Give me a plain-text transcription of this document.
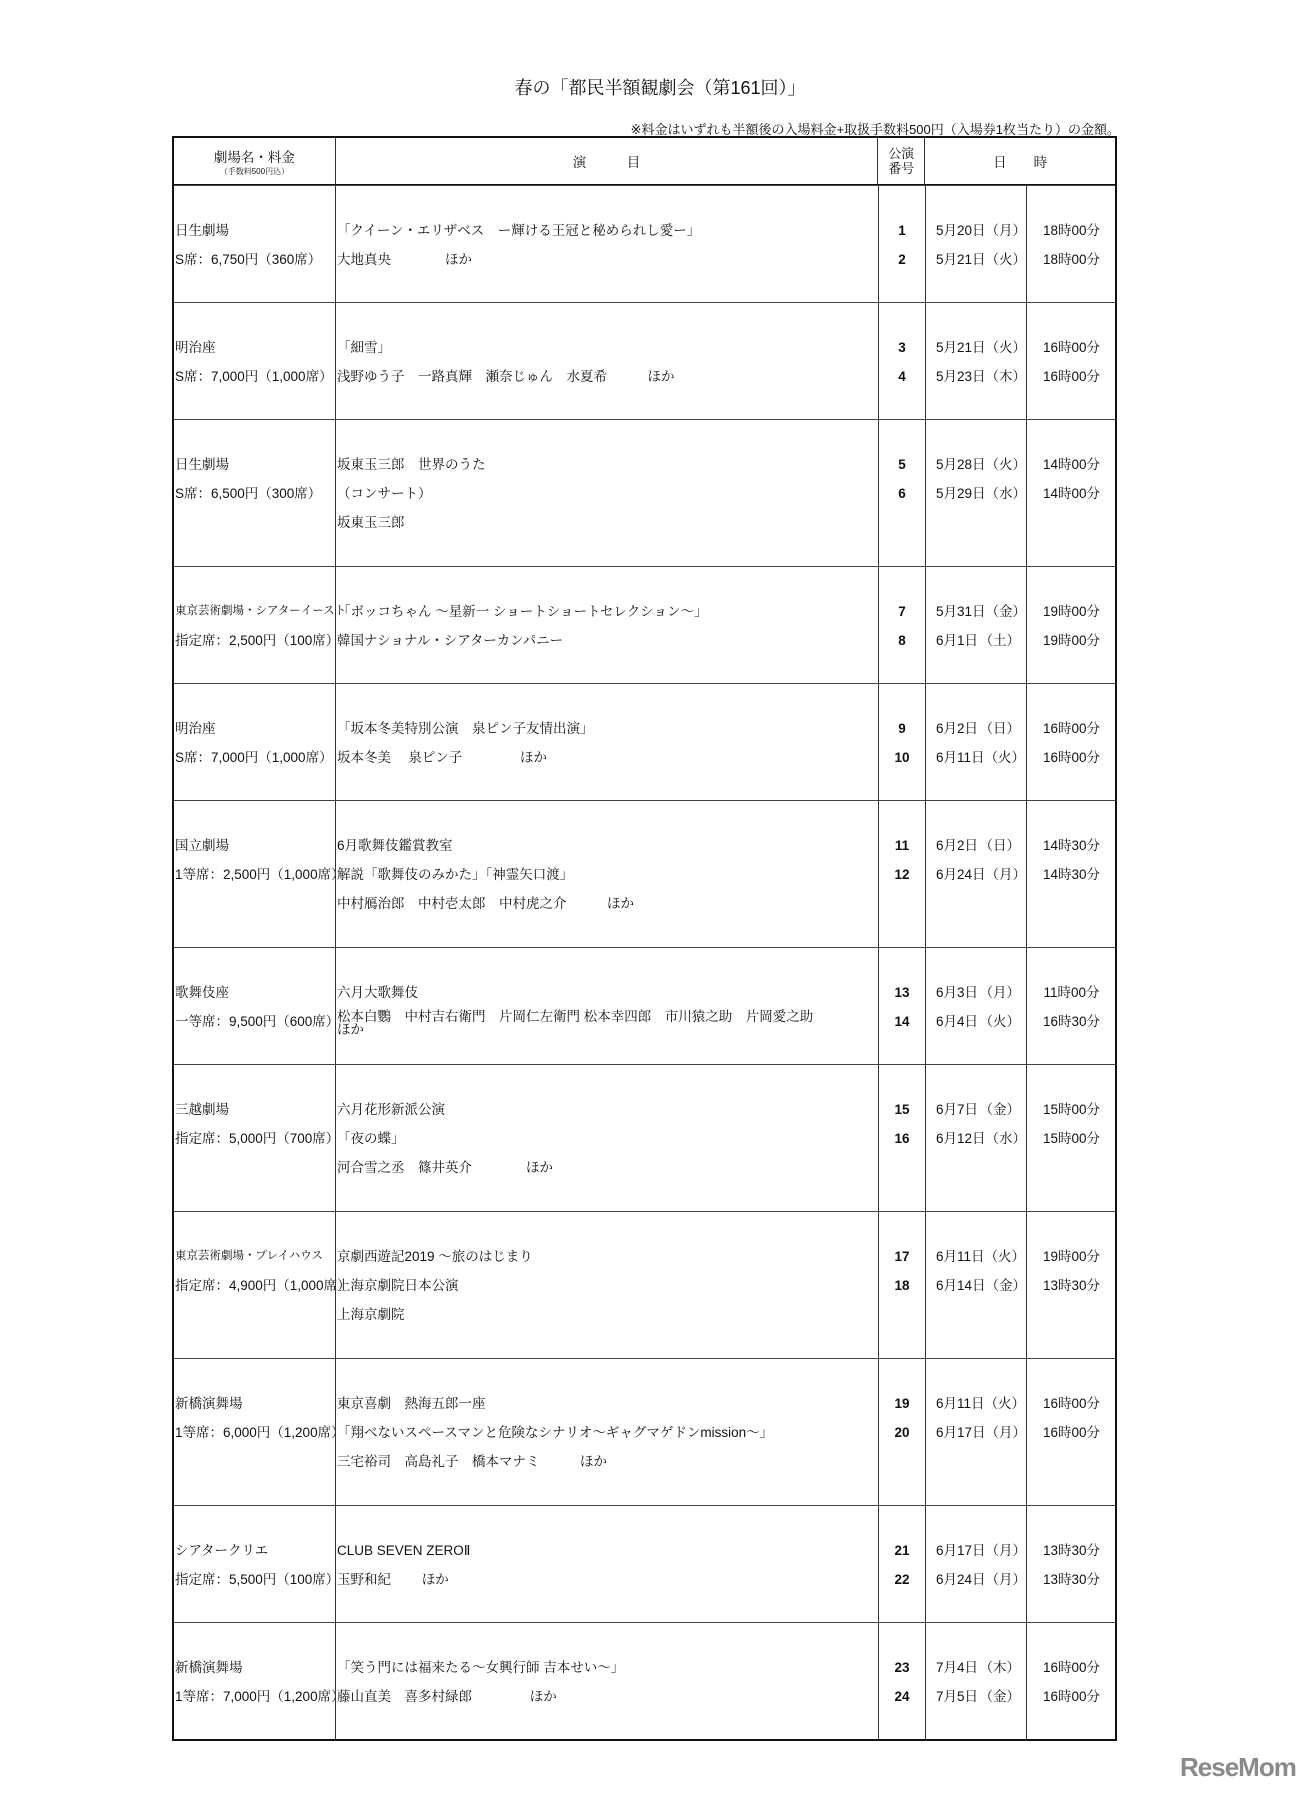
春の「都民半額観劇会（第161回）」
※料金はいずれも半額後の入場料金+取扱手数料500円（入場券1枚当たり）の金額。
劇場名・料金
（手数料500円込）
演　　　目
公演
番号	日　　時
日生劇場
S席：6,750円（360席）
「クイーン・エリザベス　ー輝ける王冠と秘められし愛ー」
大地真央　　　　ほか
1
2
5月20日 （月）
5月21日 （火）
18時00分
18時00分
明治座
S席：7,000円（1,000席）
「細雪」
浅野ゆう子　一路真輝　瀬奈じゅん　水夏希　　　ほか
3
4
5月21日 （火）
5月23日 （木）
16時00分
16時00分
日生劇場
S席：6,500円（300席）
坂東玉三郎　世界のうた
（コンサート）
坂東玉三郎
5
6
5月28日 （火）
5月29日 （水）
14時00分
14時00分
東京芸術劇場・シアターイースト
指定席：2,500円（100席）
「ボッコちゃん ～星新一 ショートショートセレクション～」
韓国ナショナル・シアターカンパニー
7
8
5月31日 （金）
6月1日 （土）
19時00分
19時00分
明治座
S席：7,000円（1,000席）
「坂本冬美特別公演　泉ピン子友情出演」
坂本冬美　 泉ピン子　　　　 ほか
9
10
6月2日 （日）
6月11日 （火）
16時00分
16時00分
国立劇場
1等席：2,500円（1,000席）
6月歌舞伎鑑賞教室
解説「歌舞伎のみかた」「神霊矢口渡」
中村鴈治郎　中村壱太郎　中村虎之介　　　ほか
11
12
6月2日 （日）
6月24日 （月）
14時30分
14時30分
歌舞伎座
一等席：9,500円（600席）
六月大歌舞伎
松本白鸚　中村吉右衛門　片岡仁左衛門 松本幸四郎　市川猿之助　片岡愛之助
ほか
13
14
6月3日 （月）
6月4日 （火）
11時00分
16時30分
三越劇場
指定席：5,000円（700席）
六月花形新派公演
「夜の蝶」
河合雪之丞　篠井英介　　　　ほか
15
16
6月7日 （金）
6月12日 （水）
15時00分
15時00分
東京芸術劇場・プレイハウス
指定席：4,900円（1,000席）
京劇西遊記2019 ～旅のはじまり
上海京劇院日本公演
上海京劇院
17
18
6月11日 （火）
6月14日 （金）
19時00分
13時30分
新橋演舞場
1等席：6,000円（1,200席）
東京喜劇　熱海五郎一座
「翔べないスペースマンと危険なシナリオ～ギャグマゲドンmission～」
三宅裕司　高島礼子　橋本マナミ　　　ほか
19
20
6月11日 （火）
6月17日 （月）
16時00分
16時00分
シアタークリエ
指定席：5,500円（100席）
CLUB SEVEN ZEROⅡ
玉野和紀　　 ほか
21
22
6月17日 （月）
6月24日 （月）
13時30分
13時30分
新橋演舞場
1等席：7,000円（1,200席）
「笑う門には福来たる～女興行師 吉本せい～」
藤山直美　喜多村緑郎　　　　 ほか
23
24
7月4日 （木）
7月5日 （金）
16時00分
16時00分
ReseMom
